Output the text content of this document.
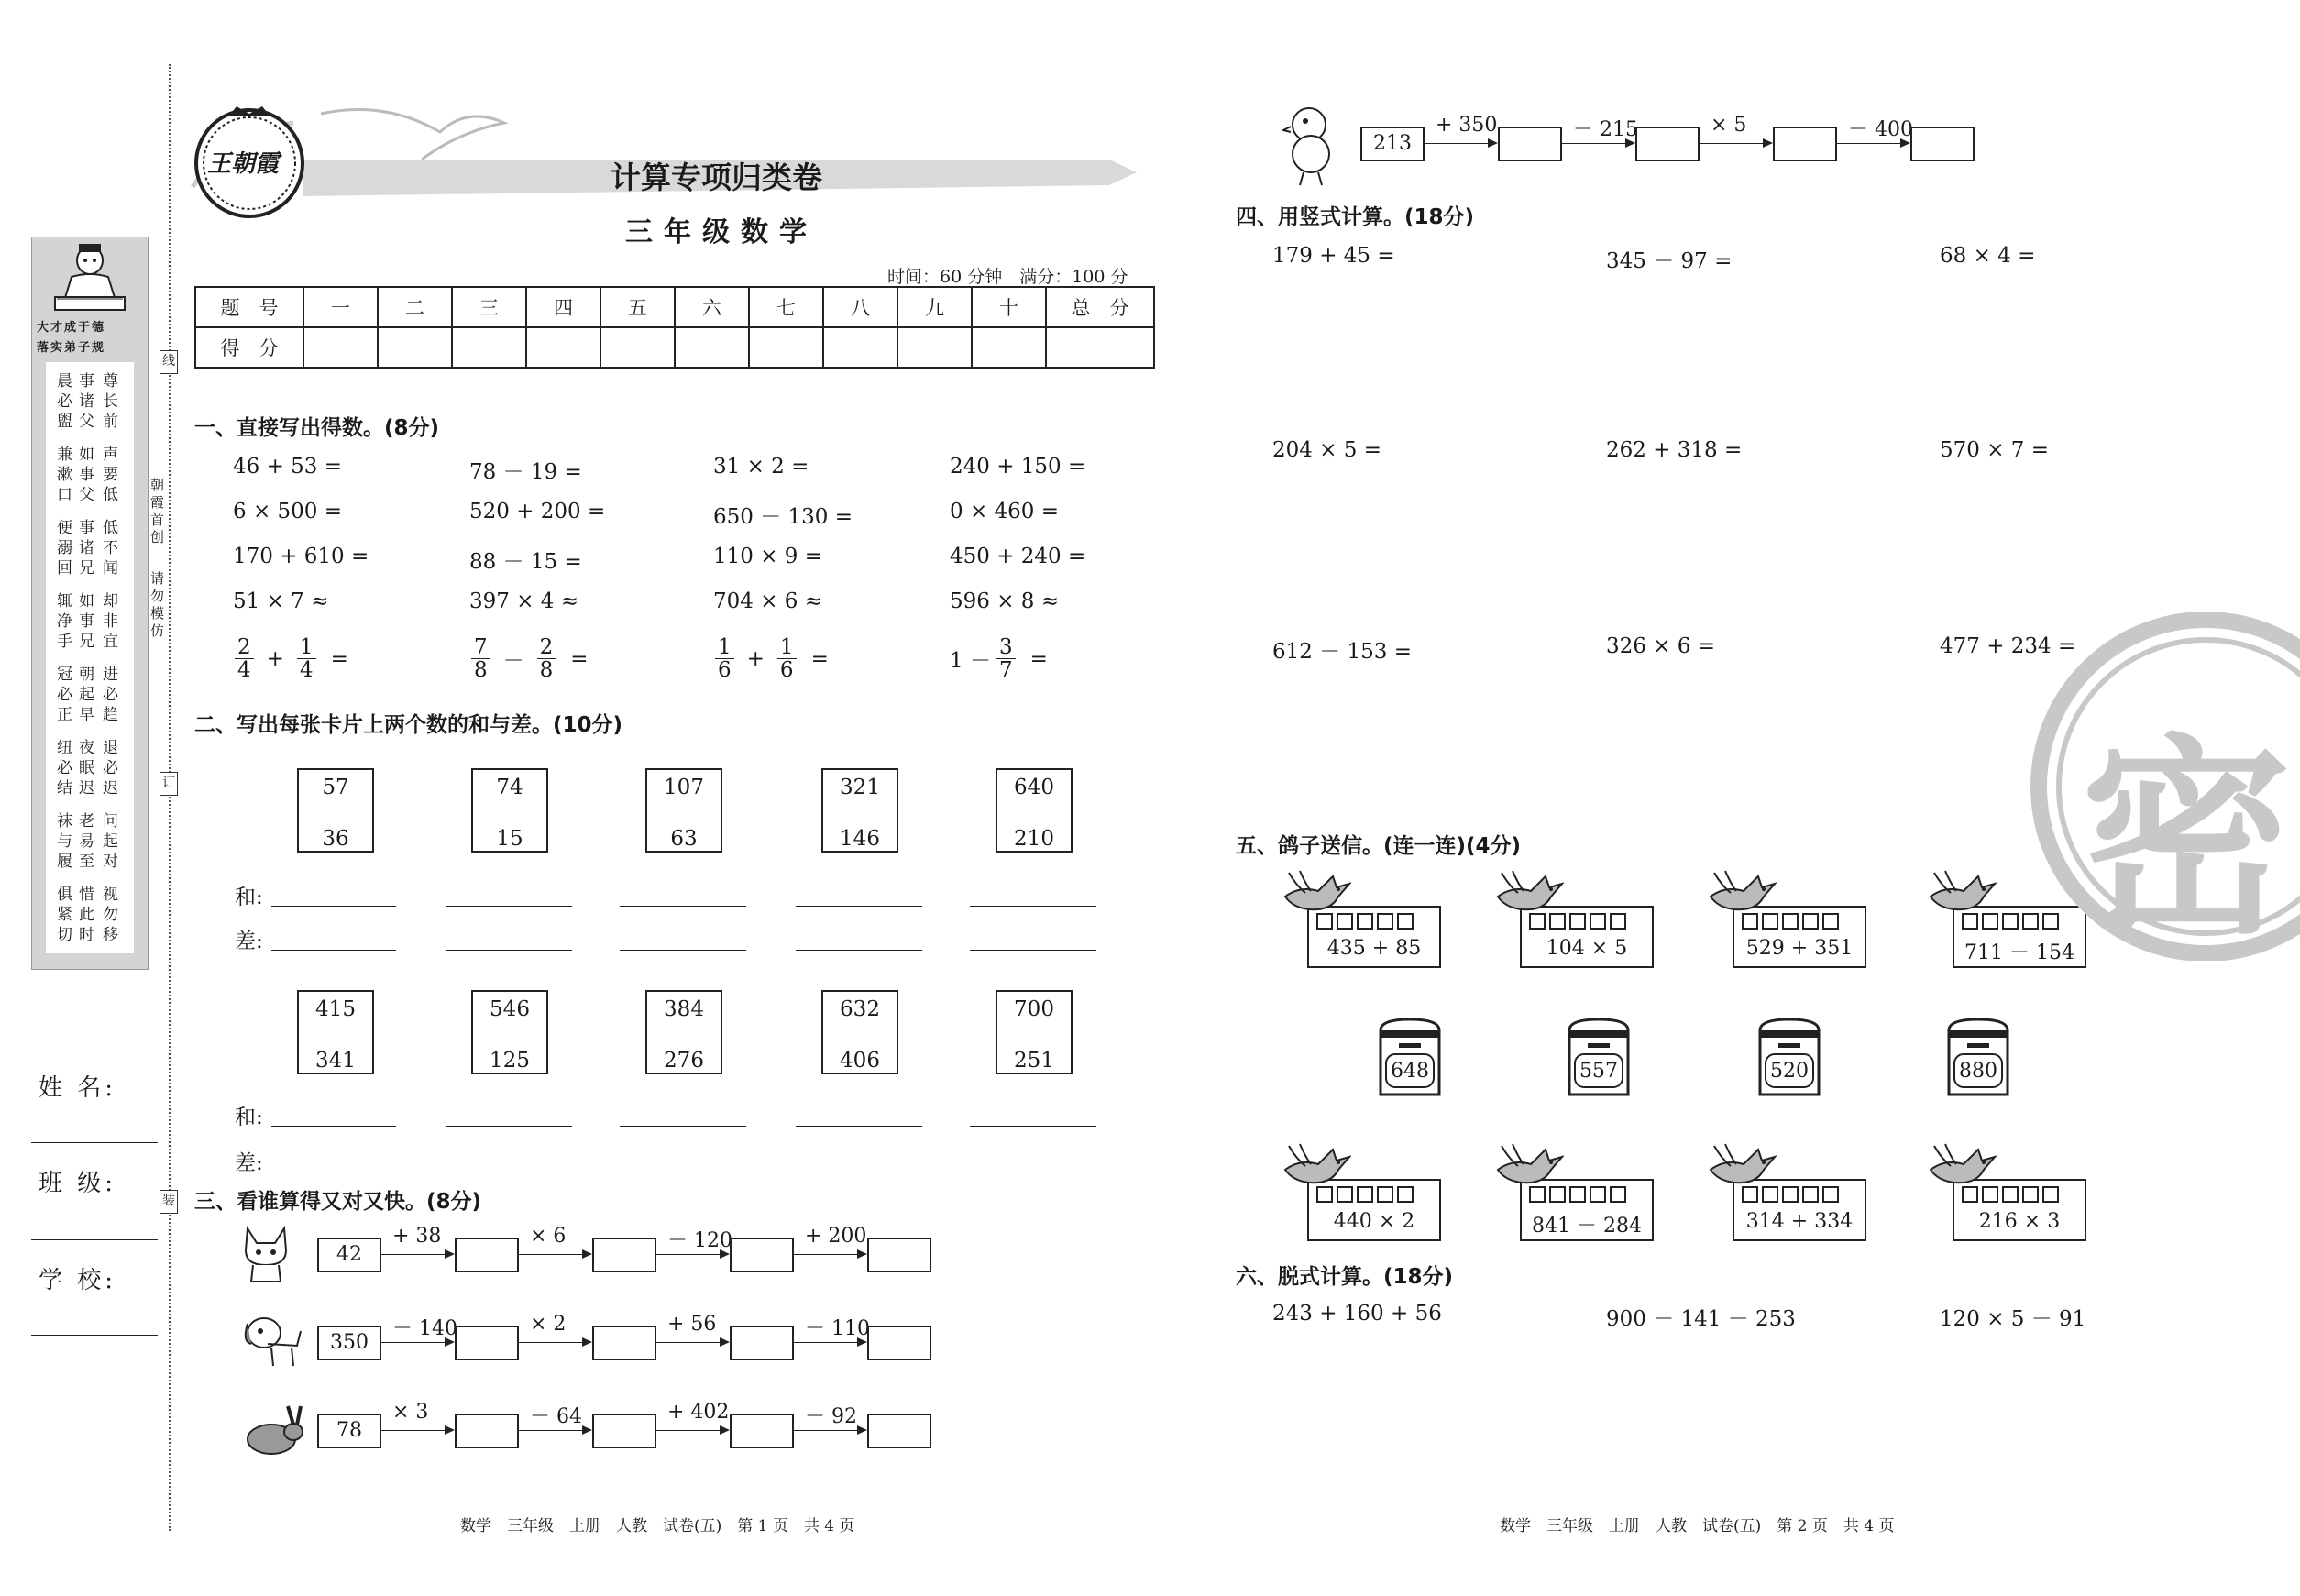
大才成于德
落实弟子规
晨必盥
事诸父
尊长前
兼漱口
如事父
声要低
便溺回
事诸兄
低不闻
辄净手
如事兄
却非宜
冠必正
朝起早
进必趋
纽必结
夜眠迟
退必迟
袜与履
老易至
问起对
俱紧切
惜此时
视勿移
姓 名:
班 级:
学 校:
朝霞首创
请勿模仿
线
订
装
王朝霞	计算专项归类卷
三年级数学
时间：60 分钟　满分：100 分
题　号	一	二	三	四	五	六	七	八	九	十	总　分
得　分											
一、直接写出得数。(8分)
46 + 53 =	78 － 19 =	31 × 2 =	240 + 150 =
6 × 500 =	520 + 200 =	650 － 130 =	0 × 460 =
170 + 610 =	88 － 15 =	110 × 9 =	450 + 240 =
51 × 7 ≈	397 × 4 ≈	704 × 6 ≈	596 × 8 ≈
$\frac{2}{4} + \frac{1}{4}$ =	$\frac{7}{8} - \frac{2}{8}$ =	$\frac{1}{6} + \frac{1}{6}$ =	$1 - \frac{3}{7}$ =
二、写出每张卡片上两个数的和与差。(10分)
57
36
74
15
107
63
321
146
640
210
和:
差:
415
341
546
125
384
276
632
406
700
251
和:
差:
三、看谁算得又对又快。(8分)
42
+ 38	× 6	－ 120	+ 200
350
－ 140	× 2	+ 56	－ 110
78
× 3	－ 64	+ 402	－ 92
213
+ 350	－ 215	× 5	－ 400
四、用竖式计算。(18分)
179 + 45 =	345 － 97 =	68 × 4 =
204 × 5 =	262 + 318 =	570 × 7 =
612 － 153 =	326 × 6 =	477 + 234 =
五、鸽子送信。(连一连)(4分)
435 + 85	104 × 5	529 + 351	711 － 154
440 × 2	841 － 284	314 + 334	216 × 3
648	557	520	880
六、脱式计算。(18分)
243 + 160 + 56	900 － 141 － 253	120 × 5 － 91
密
数学　三年级　上册　人教　试卷(五)　第 1 页　共 4 页	数学　三年级　上册　人教　试卷(五)　第 2 页　共 4 页
